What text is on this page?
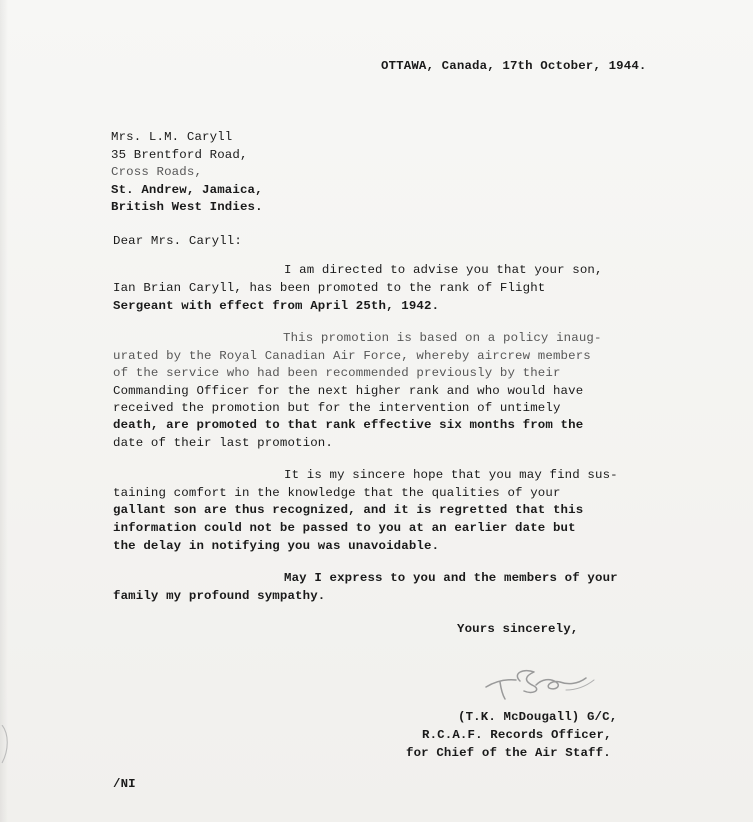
OTTAWA, Canada, 17th October, 1944.
Mrs. L.M. Caryll
35 Brentford Road,
Cross Roads,
St. Andrew, Jamaica,
British West Indies.
Dear Mrs. Caryll:
I am directed to advise you that your son,
Ian Brian Caryll, has been promoted to the rank of Flight
Sergeant with effect from April 25th, 1942.
This promotion is based on a policy inaug-
urated by the Royal Canadian Air Force, whereby aircrew members
of the service who had been recommended previously by their
Commanding Officer for the next higher rank and who would have
received the promotion but for the intervention of untimely
death, are promoted to that rank effective six months from the
date of their last promotion.
It is my sincere hope that you may find sus-
taining comfort in the knowledge that the qualities of your
gallant son are thus recognized, and it is regretted that this
information could not be passed to you at an earlier date but
the delay in notifying you was unavoidable.
May I express to you and the members of your
family my profound sympathy.
Yours sincerely,
(T.K. McDougall) G/C,
R.C.A.F. Records Officer,
for Chief of the Air Staff.
/NI
